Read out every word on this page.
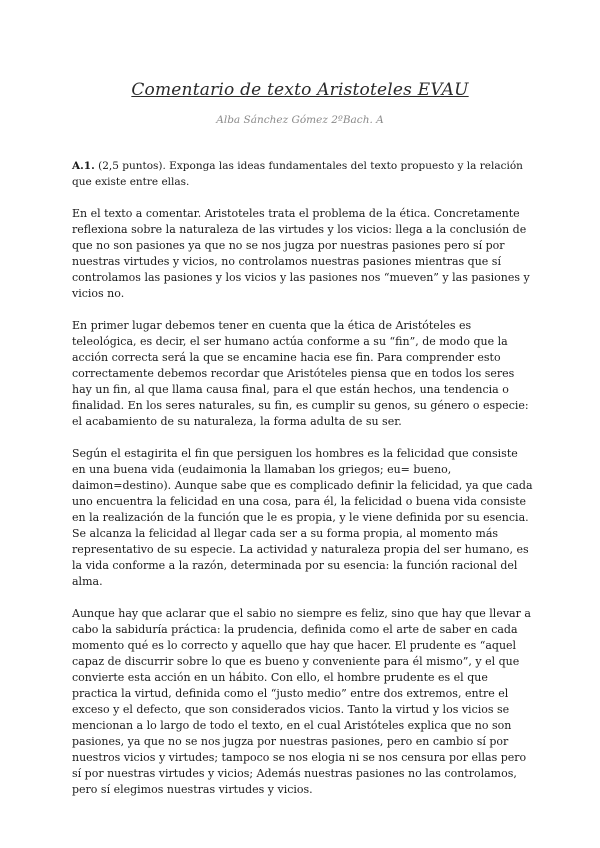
Comentario de texto Aristoteles EVAU
Alba Sánchez Gómez 2ºBach. A
A.1. (2,5 puntos). Exponga las ideas fundamentales del texto propuesto y la relación que existe entre ellas.

En el texto a comentar. Aristoteles trata el problema de la ética. Concretamente reflexiona sobre la naturaleza de las virtudes y los vicios: llega a la conclusión de que no son pasiones ya que no se nos jugza por nuestras pasiones pero sí por nuestras virtudes y vicios, no controlamos nuestras pasiones mientras que sí controlamos las pasiones y los vicios y las pasiones nos “mueven” y las pasiones y vicios no.

En primer lugar debemos tener en cuenta que la ética de Aristóteles es teleológica, es decir, el ser humano actúa conforme a su “fin”, de modo que la acción correcta será la que se encamine hacia ese fin. Para comprender esto correctamente debemos recordar que Aristóteles piensa que en todos los seres hay un fin, al que llama causa final, para el que están hechos, una tendencia o finalidad. En los seres naturales, su fin, es cumplir su genos, su género o especie: el acabamiento de su naturaleza, la forma adulta de su ser.

Según el estagirita el fin que persiguen los hombres es la felicidad que consiste en una buena vida (eudaimonia la llamaban los griegos; eu= bueno, daimon=destino). Aunque sabe que es complicado definir la felicidad, ya que cada uno encuentra la felicidad en una cosa, para él, la felicidad o buena vida consiste en la realización de la función que le es propia, y le viene definida por su esencia. Se alcanza la felicidad al llegar cada ser a su forma propia, al momento más representativo de su especie. La actividad y naturaleza propia del ser humano, es la vida conforme a la razón, determinada por su esencia: la función racional del alma.

Aunque hay que aclarar que el sabio no siempre es feliz, sino que hay que llevar a cabo la sabiduría práctica: la prudencia, definida como el arte de saber en cada momento qué es lo correcto y aquello que hay que hacer. El prudente es “aquel capaz de discurrir sobre lo que es bueno y conveniente para él mismo”, y el que convierte esta acción en un hábito. Con ello, el hombre prudente es el que practica la virtud, definida como el “justo medio” entre dos extremos, entre el exceso y el defecto, que son considerados vicios. Tanto la virtud y los vicios se mencionan a lo largo de todo el texto, en el cual Aristóteles explica que no son pasiones, ya que no se nos jugza por nuestras pasiones, pero en cambio sí por nuestros vicios y virtudes; tampoco se nos elogia ni se nos censura por ellas pero sí por nuestras virtudes y vicios; Además nuestras pasiones no las controlamos, pero sí elegimos nuestras virtudes y vicios.
